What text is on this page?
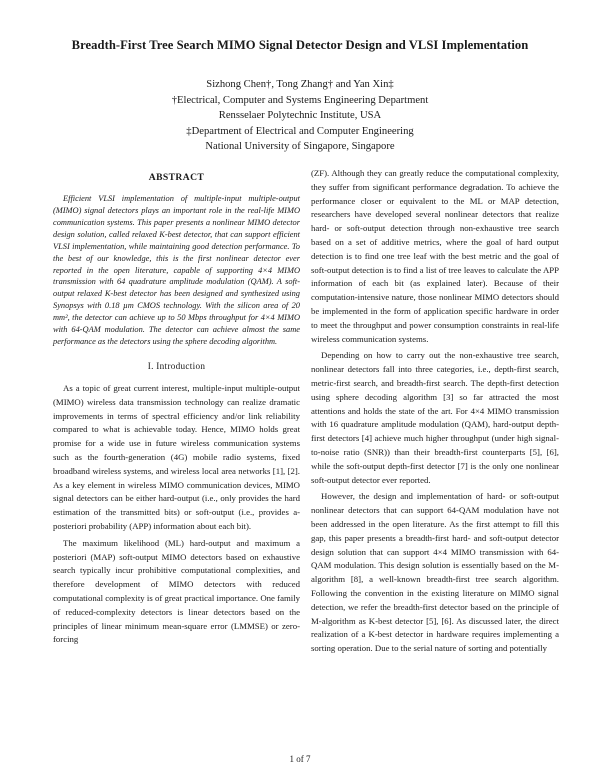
Breadth-First Tree Search MIMO Signal Detector Design and VLSI Implementation
Sizhong Chen†, Tong Zhang† and Yan Xin‡
†Electrical, Computer and Systems Engineering Department
Rensselaer Polytechnic Institute, USA
‡Department of Electrical and Computer Engineering
National University of Singapore, Singapore
ABSTRACT

Efficient VLSI implementation of multiple-input multiple-output (MIMO) signal detectors plays an important role in the real-life MIMO communication systems. This paper presents a nonlinear MIMO detector design solution, called relaxed K-best detector, that can support efficient VLSI implementation, while maintaining good detection performance. To the best of our knowledge, this is the first nonlinear detector ever reported in the open literature, capable of supporting 4×4 MIMO transmission with 64 quadrature amplitude modulation (QAM). A soft-output relaxed K-best detector has been designed and synthesized using Synopsys with 0.18 µm CMOS technology. With the silicon area of 20 mm², the detector can achieve up to 50 Mbps throughput for 4×4 MIMO with 64-QAM modulation. The detector can achieve almost the same performance as the detectors using the sphere decoding algorithm.

I. Introduction

As a topic of great current interest, multiple-input multiple-output (MIMO) wireless data transmission technology can realize dramatic improvements in terms of spectral efficiency and/or link reliability compared to what is achievable today. Hence, MIMO holds great promise for a wide use in future wireless communication systems such as the fourth-generation (4G) mobile radio systems, fixed broadband wireless systems, and wireless local area networks [1], [2]. As a key element in wireless MIMO communication devices, MIMO signal detectors can be either hard-output (i.e., only provides the hard estimation of the transmitted bits) or soft-output (i.e., provides a-posteriori probability (APP) information about each bit).

The maximum likelihood (ML) hard-output and maximum a posteriori (MAP) soft-output MIMO detectors based on exhaustive search typically incur prohibitive computational complexities, and therefore development of MIMO detectors with reduced computational complexity is of great practical importance. One family of reduced-complexity detectors is linear detectors based on the principles of linear minimum mean-square error (LMMSE) or zero-forcing

(ZF). Although they can greatly reduce the computational complexity, they suffer from significant performance degradation. To achieve the performance closer or equivalent to the ML or MAP detection, researchers have developed several nonlinear detectors that realize hard- or soft-output detection through non-exhaustive tree search based on a set of additive metrics, where the goal of hard output detection is to find one tree leaf with the best metric and the goal of soft-output detection is to find a list of tree leaves to calculate the APP information of each bit (as explained later). Because of their computation-intensive nature, those nonlinear MIMO detectors should be implemented in the form of application specific hardware in order to meet the throughput and power consumption constraints in real-life wireless communication systems.

Depending on how to carry out the non-exhaustive tree search, nonlinear detectors fall into three categories, i.e., depth-first search, metric-first search, and breadth-first search. The depth-first detection using sphere decoding algorithm [3] so far attracted the most attentions and holds the state of the art. For 4×4 MIMO transmission with 16 quadrature amplitude modulation (QAM), hard-output depth-first detectors [4] achieve much higher throughput (under high signal-to-noise ratio (SNR)) than their breadth-first counterparts [5], [6], while the soft-output depth-first detector [7] is the only one nonlinear soft-output detector ever reported.

However, the design and implementation of hard- or soft-output nonlinear detectors that can support 64-QAM modulation have not been addressed in the open literature. As the first attempt to fill this gap, this paper presents a breadth-first hard- and soft-output detector design solution that can support 4×4 MIMO transmission with 64-QAM modulation. This design solution is essentially based on the M-algorithm [8], a well-known breadth-first tree search algorithm. Following the convention in the existing literature on MIMO signal detection, we refer the breadth-first detector based on the principle of M-algorithm as K-best detector [5], [6]. As discussed later, the direct realization of a K-best detector in hardware requires implementing a sorting operation. Due to the serial nature of sorting and potentially

1 of 7
